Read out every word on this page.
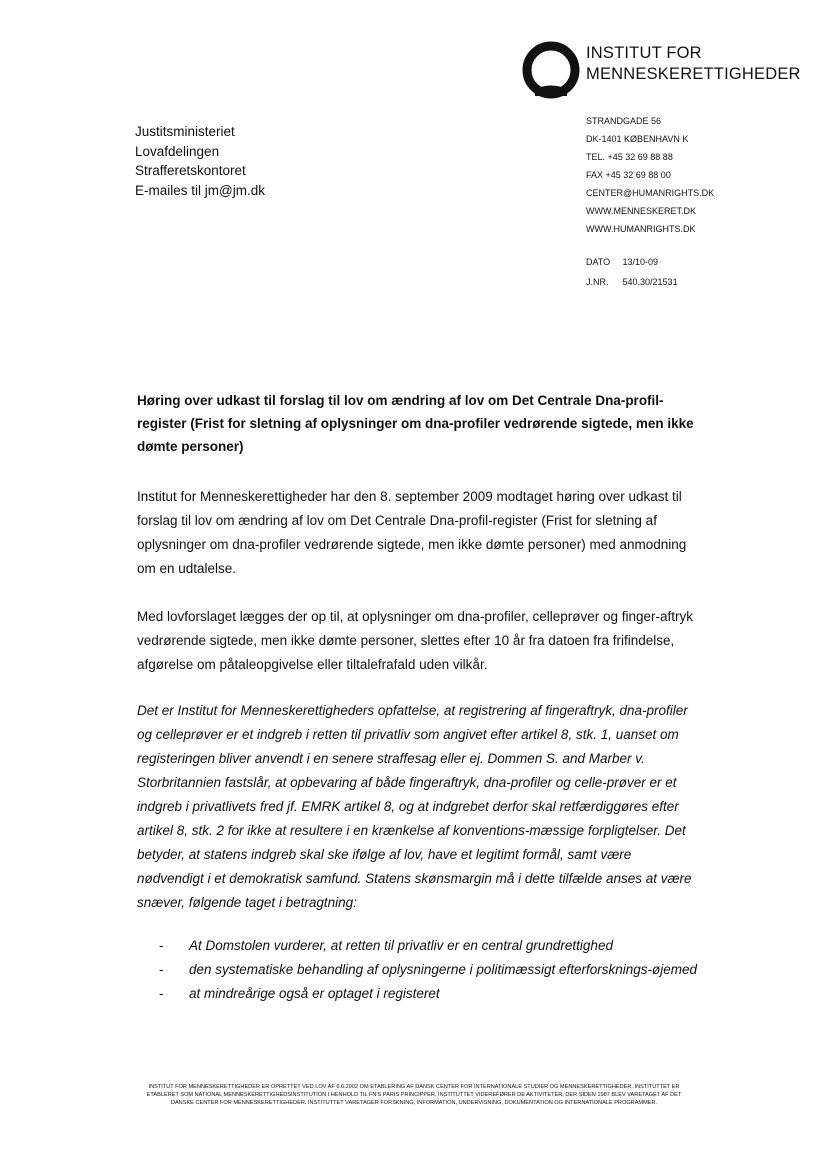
INSTITUT FOR
MENNESKERETTIGHEDER
Justitsministeriet
Lovafdelingen
Strafferetskontoret
E-mailes til jm@jm.dk
STRANDGADE 56
DK-1401 KØBENHAVN K
TEL. +45 32 69 88 88
FAX +45 32 69 88 00
CENTER@HUMANRIGHTS.DK
WWW.MENNESKERET.DK
WWW.HUMANRIGHTS.DK
DATO 13/10-09
J.NR. 540.30/21531
Høring over udkast til forslag til lov om ændring af lov om Det Centrale Dna-profil-register (Frist for sletning af oplysninger om dna-profiler vedrørende sigtede, men ikke dømte personer)

Institut for Menneskerettigheder har den 8. september 2009 modtaget høring over udkast til forslag til lov om ændring af lov om Det Centrale Dna-profil-register (Frist for sletning af oplysninger om dna-profiler vedrørende sigtede, men ikke dømte personer) med anmodning om en udtalelse.

Med lovforslaget lægges der op til, at oplysninger om dna-profiler, celleprøver og finger-aftryk vedrørende sigtede, men ikke dømte personer, slettes efter 10 år fra datoen fra frifindelse, afgørelse om påtaleopgivelse eller tiltalefrafald uden vilkår.

Det er Institut for Menneskerettigheders opfattelse, at registrering af fingeraftryk, dna-profiler og celleprøver er et indgreb i retten til privatliv som angivet efter artikel 8, stk. 1, uanset om registeringen bliver anvendt i en senere straffesag eller ej. Dommen S. and Marber v. Storbritannien fastslår, at opbevaring af både fingeraftryk, dna-profiler og celle-prøver er et indgreb i privatlivets fred jf. EMRK artikel 8, og at indgrebet derfor skal retfærdiggøres efter artikel 8, stk. 2 for ikke at resultere i en krænkelse af konventions-mæssige forpligtelser. Det betyder, at statens indgreb skal ske ifølge af lov, have et legitimt formål, samt være nødvendigt i et demokratisk samfund. Statens skønsmargin må i dette tilfælde anses at være snæver, følgende taget i betragtning:

- At Domstolen vurderer, at retten til privatliv er en central grundrettighed
- den systematiske behandling af oplysningerne i politimæssigt efterforsknings-øjemed
- at mindreårige også er optaget i registeret
INSTITUT FOR MENNESKERETTIGHEDER ER OPRETTET VED LOV AF 6.6.2002 OM ETABLERING AF DANSK CENTER FOR INTERNATIONALE STUDIER OG MENNESKERETTIGHEDER. INSTITUTTET ER ETABLERET SOM NATIONAL MENNESKERETTIGHEDSINSTITUTION I HENHOLD TIL FN'S PARIS PRINCIPPER. INSTITUTTET VIDEREFØRER DE AKTIVITETER, DER SIDEN 1987 BLEV VARETAGET AF DET DANSKE CENTER FOR MENNESKERETTIGHEDER. INSTITUTTET VARETAGER FORSKNING, INFORMATION, UNDERVISNING, DOKUMENTATION OG INTERNATIONALE PROGRAMMER.
